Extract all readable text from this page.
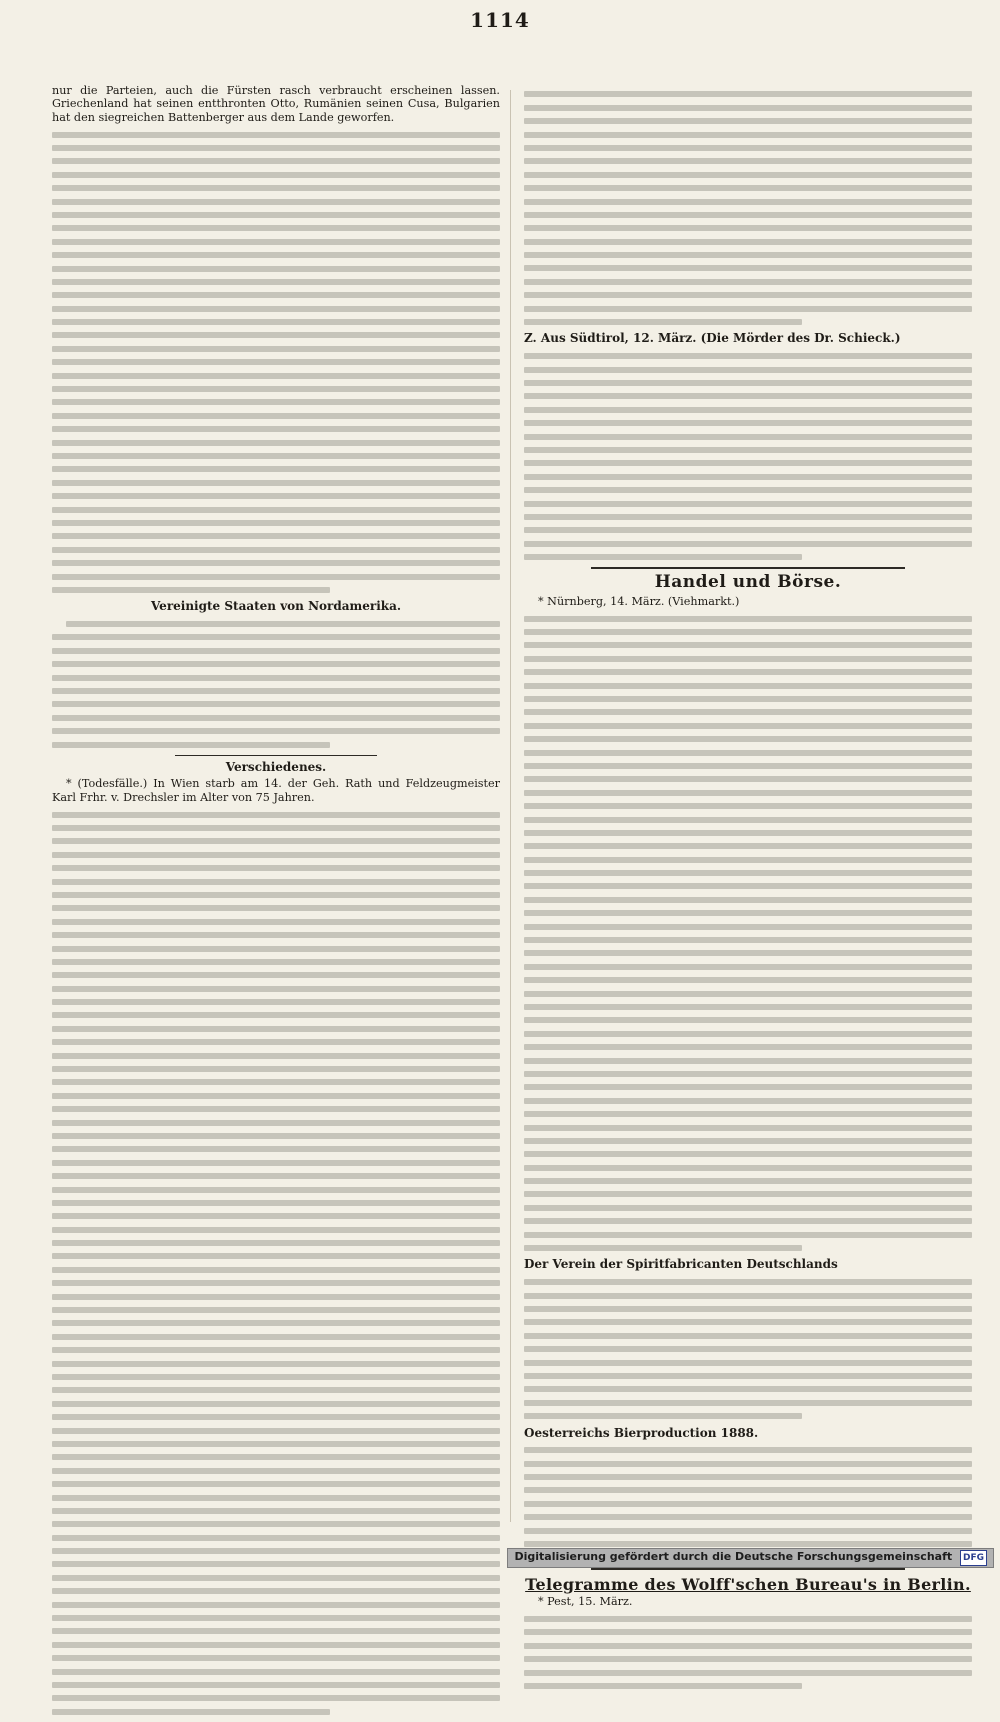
1114

nur die Parteien, auch die Fürsten rasch verbraucht erscheinen lassen. Griechenland hat seinen entthronten Otto, Rumänien seinen Cusa, Bulgarien hat den siegreichen Battenberger aus dem Lande geworfen.

Vereinigte Staaten von Nordamerika.
Verschiedenes.

* (Todesfälle.) In Wien starb am 14. der Geh. Rath und Feldzeugmeister Karl Frhr. v. Drechsler im Alter von 75 Jahren.

Z. Aus Südtirol, 12. März. (Die Mörder des Dr. Schieck.)
Handel und Börse.

* Nürnberg, 14. März. (Viehmarkt.)

Der Verein der Spiritfabricanten Deutschlands
Oesterreichs Bierproduction 1888.
Telegramme des Wolff'schen Bureau's in Berlin.

* Pest, 15. März.

Digitalisierung gefördert durch die Deutsche Forschungsgemeinschaft DFG
